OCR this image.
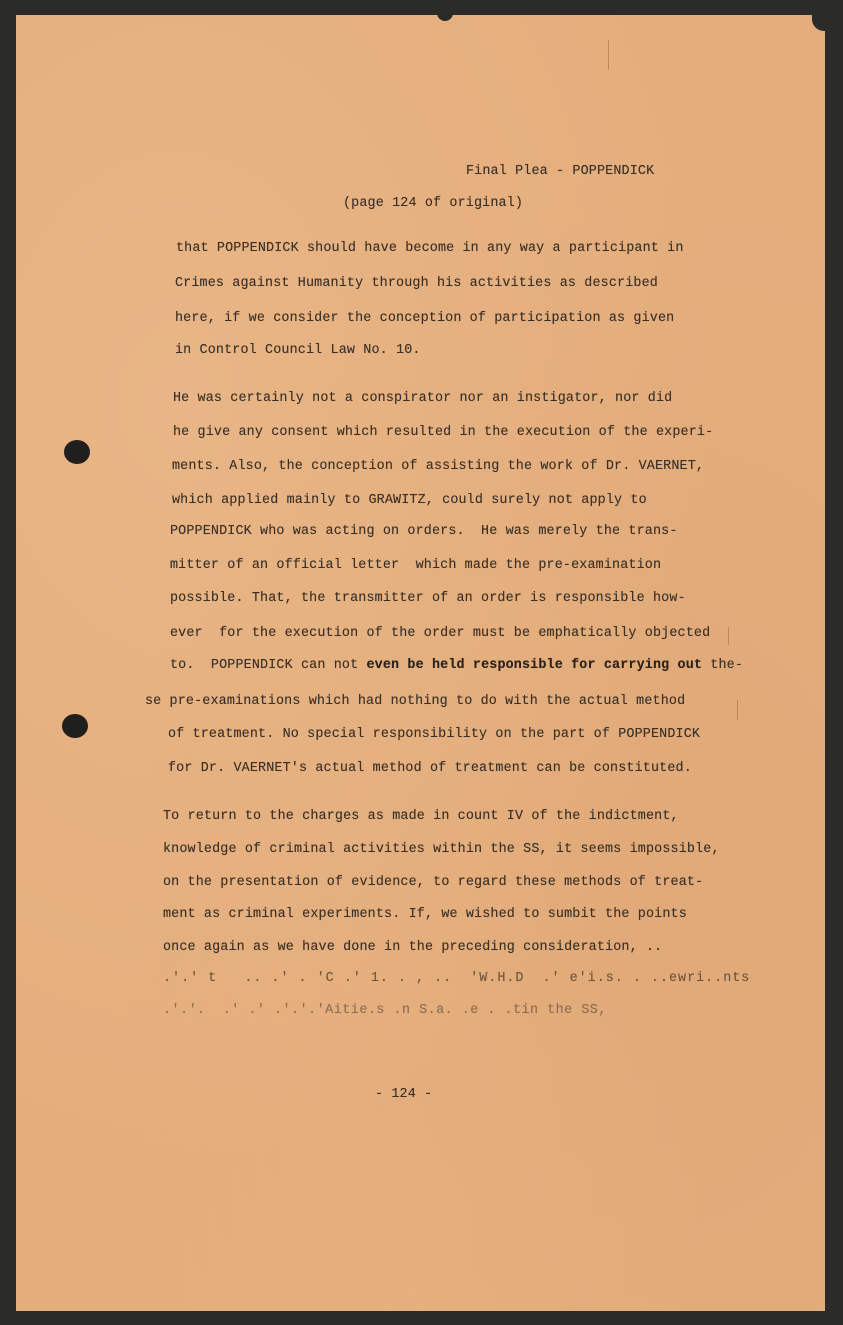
Final Plea - POPPENDICK
(page 124 of original)
that POPPENDICK should have become in any way a participant in
Crimes against Humanity through his activities as described
here, if we consider the conception of participation as given
in Control Council Law No. 10.
He was certainly not a conspirator nor an instigator, nor did
he give any consent which resulted in the execution of the experi-
ments. Also, the conception of assisting the work of Dr. VAERNET,
which applied mainly to GRAWITZ, could surely not apply to
POPPENDICK who was acting on orders.  He was merely the trans-
mitter of an official letter  which made the pre-examination
possible. That, the transmitter of an order is responsible how-
ever  for the execution of the order must be emphatically objected
to.  POPPENDICK can not even be held responsible for carrying out the-
se pre-examinations which had nothing to do with the actual method
of treatment. No special responsibility on the part of POPPENDICK
for Dr. VAERNET's actual method of treatment can be constituted.
To return to the charges as made in count IV of the indictment,
knowledge of criminal activities within the SS, it seems impossible,
on the presentation of evidence, to regard these methods of treat-
ment as criminal experiments. If, we wished to sumbit the points
once again as we have done in the preceding consideration, ..
.'.' t   .. .' . 'C .' 1. . , ..  'W.H.D  .' e'i.s. . ..ewri..nts
.'.'.  .' .' .'.'.'Aitie.s .n S.a. .e . .tin the SS,
- 124 -
